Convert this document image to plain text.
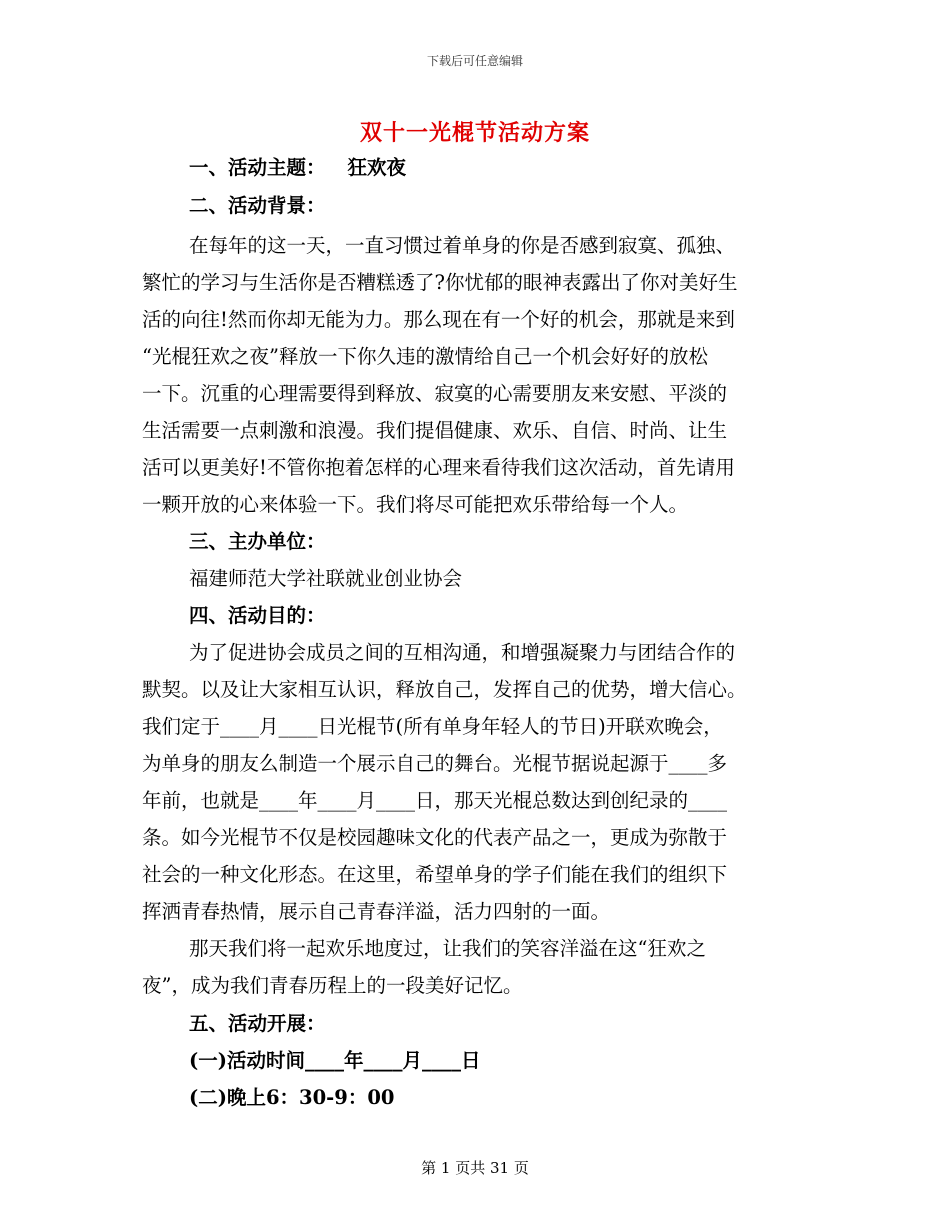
下载后可任意编辑
双十一光棍节活动方案
一、活动主题： 狂欢夜
二、活动背景：
在每年的这一天，一直习惯过着单身的你是否感到寂寞、孤独、
繁忙的学习与生活你是否糟糕透了?你忧郁的眼神表露出了你对美好生
活的向往!然而你却无能为力。那么现在有一个好的机会，那就是来到
“光棍狂欢之夜”释放一下你久违的激情给自己一个机会好好的放松
一下。沉重的心理需要得到释放、寂寞的心需要朋友来安慰、平淡的
生活需要一点刺激和浪漫。我们提倡健康、欢乐、自信、时尚、让生
活可以更美好!不管你抱着怎样的心理来看待我们这次活动，首先请用
一颗开放的心来体验一下。我们将尽可能把欢乐带给每一个人。
三、主办单位：
福建师范大学社联就业创业协会
四、活动目的：
为了促进协会成员之间的互相沟通，和增强凝聚力与团结合作的
默契。以及让大家相互认识，释放自己，发挥自己的优势，增大信心。
我们定于____月____日光棍节(所有单身年轻人的节日)开联欢晚会，
为单身的朋友么制造一个展示自己的舞台。光棍节据说起源于____多
年前，也就是____年____月____日，那天光棍总数达到创纪录的____
条。如今光棍节不仅是校园趣味文化的代表产品之一，更成为弥散于
社会的一种文化形态。在这里，希望单身的学子们能在我们的组织下
挥洒青春热情，展示自己青春洋溢，活力四射的一面。
那天我们将一起欢乐地度过，让我们的笑容洋溢在这“狂欢之
夜”，成为我们青春历程上的一段美好记忆。
五、活动开展：
(一)活动时间____年____月____日
(二)晚上6：30-9：00
第 1 页共 31 页
